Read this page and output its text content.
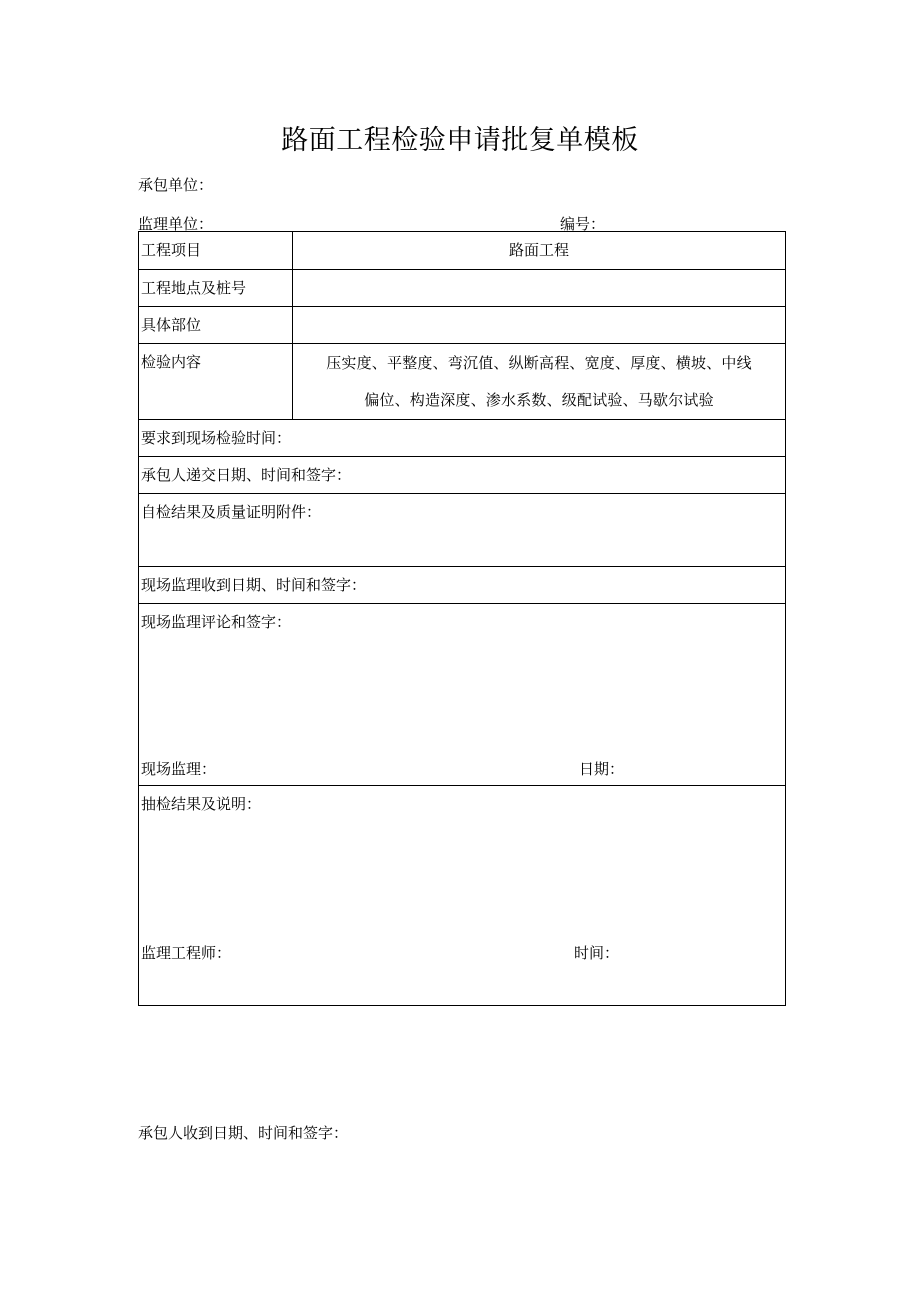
路面工程检验申请批复单模板
承包单位：
监理单位：	编号：
工程项目	路面工程
工程地点及桩号	
具体部位	
检验内容	压实度、平整度、弯沉值、纵断高程、宽度、厚度、横坡、中线
偏位、构造深度、渗水系数、级配试验、马歇尔试验

要求到现场检验时间：	
承包人递交日期、时间和签字：	
自检结果及质量证明附件：	
现场监理收到日期、时间和签字：	

现场监理评论和签字：
现场监理： 日期：	

抽检结果及说明：
监理工程师： 时间：	
承包人收到日期、时间和签字：
